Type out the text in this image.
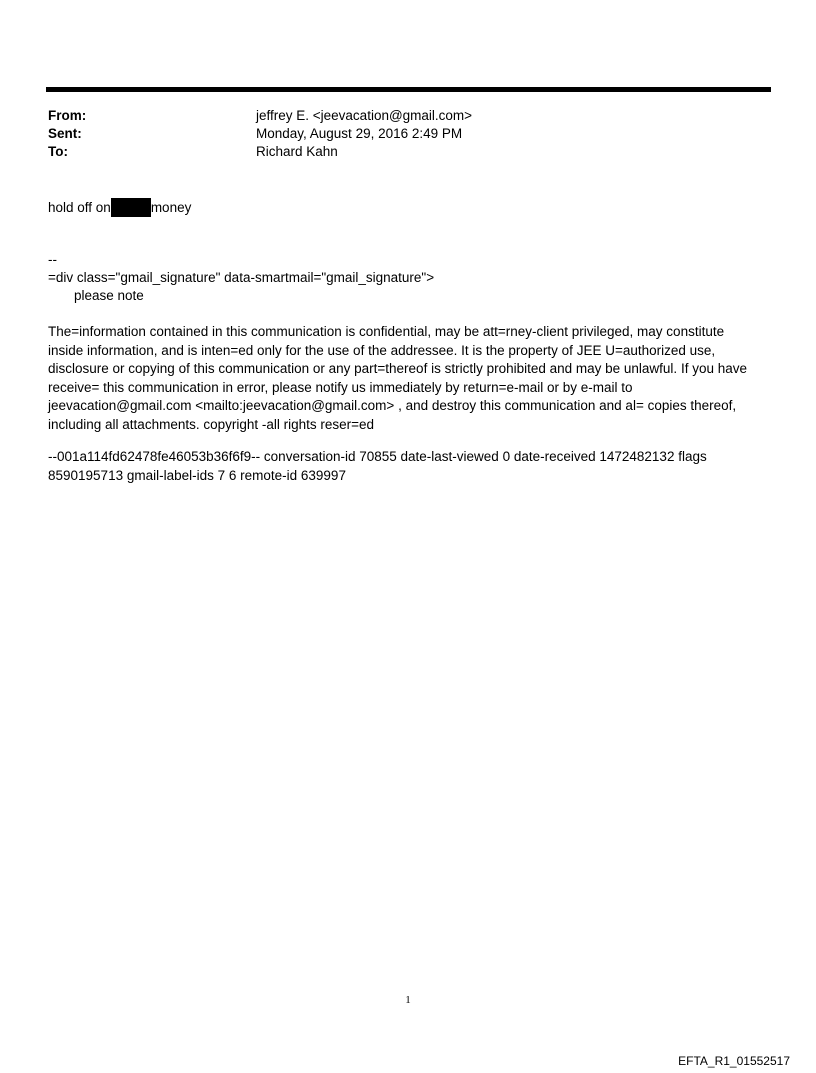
From:	jeffrey E. <jeevacation@gmail.com>
Sent:	Monday, August 29, 2016 2:49 PM
To:	Richard Kahn
hold off on	money
--
=div class="gmail_signature" data-smartmail="gmail_signature">
please note
The=information contained in this communication is confidential, may be att=rney-client privileged, may constitute
inside information, and is inten=ed only for the use of the addressee. It is the property of JEE U=authorized use,
disclosure or copying of this communication or any part=thereof is strictly prohibited and may be unlawful. If you have
receive= this communication in error, please notify us immediately by return=e-mail or by e-mail to
jeevacation@gmail.com <mailto:jeevacation@gmail.com> , and destroy this communication and al= copies thereof,
including all attachments. copyright -all rights reser=ed
--001a114fd62478fe46053b36f6f9-- conversation-id 70855 date-last-viewed 0 date-received 1472482132 flags
8590195713 gmail-label-ids 7 6 remote-id 639997
1
EFTA_R1_01552517
